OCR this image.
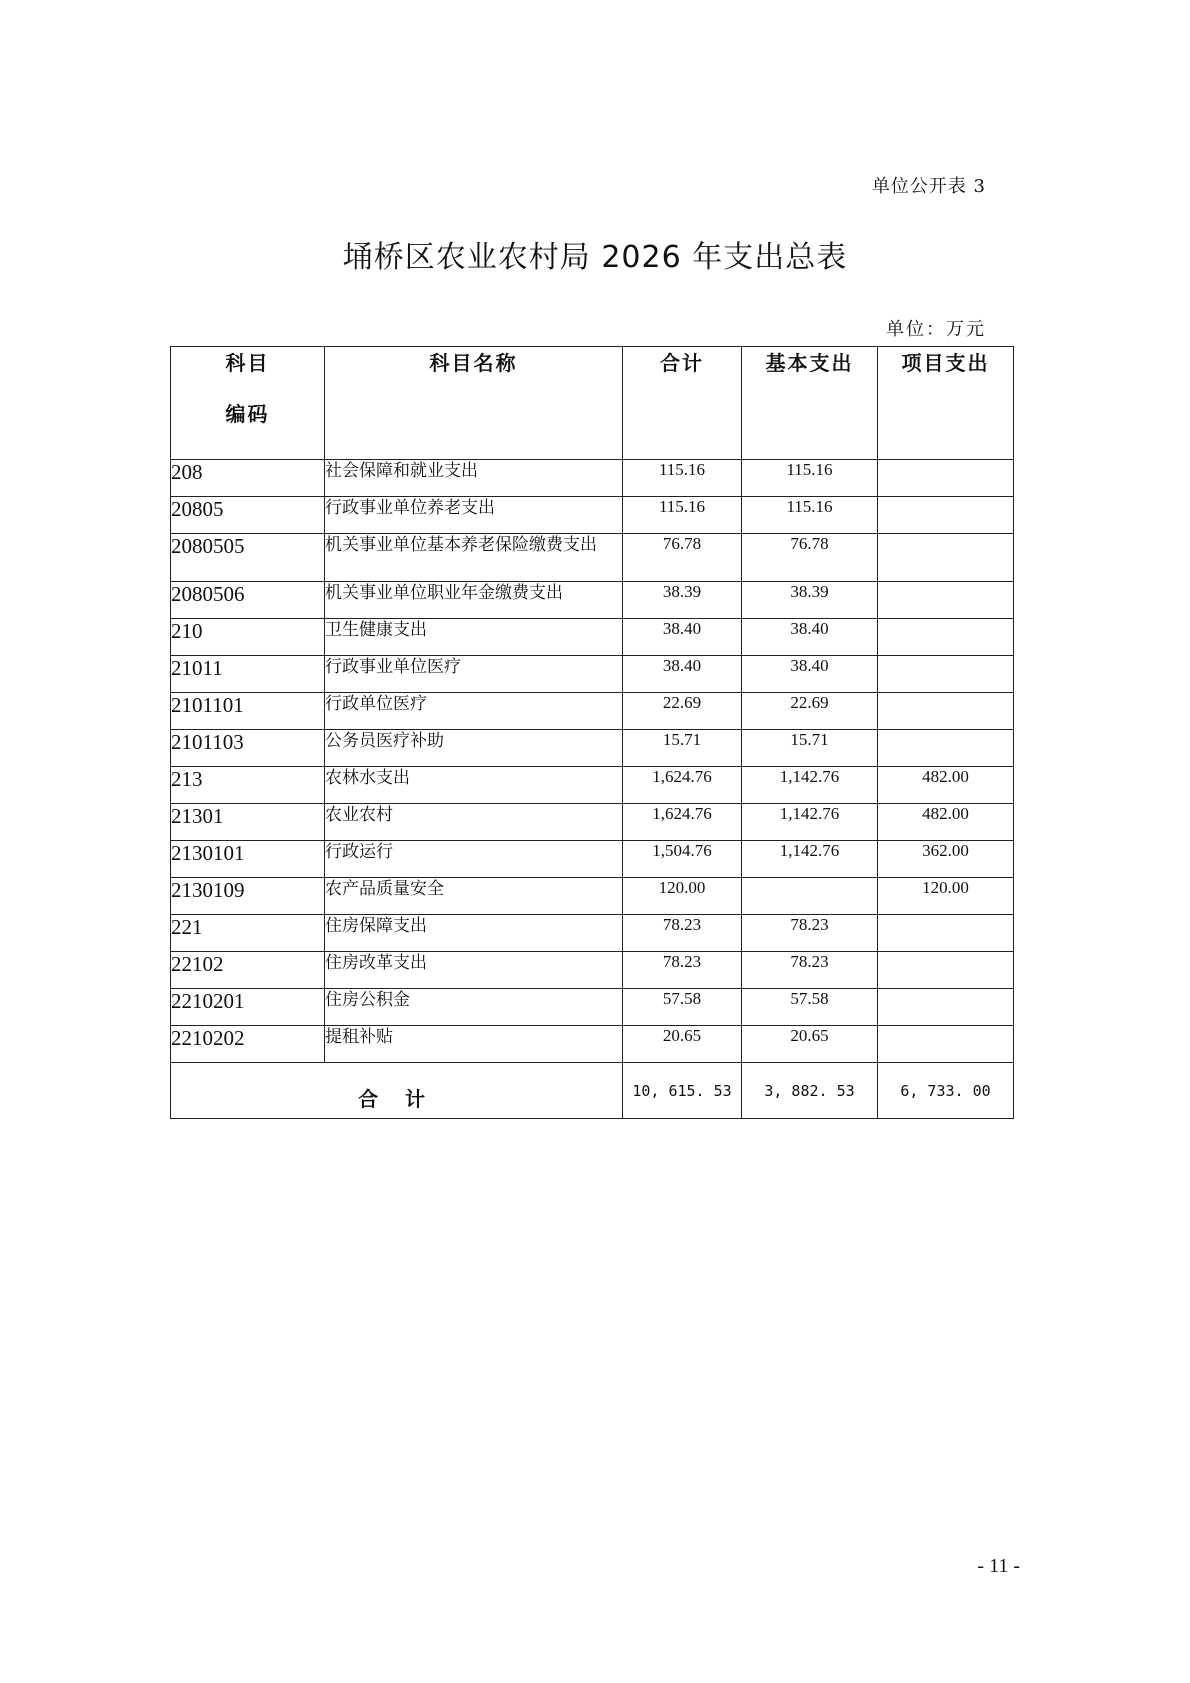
单位公开表 3
埇桥区农业农村局 2026 年支出总表
单位：万元
科目
编码	科目名称	合计	基本支出	项目支出
208	社会保障和就业支出	115.16	115.16	
20805	行政事业单位养老支出	115.16	115.16	
2080505	机关事业单位基本养老保险缴费支出	76.78	76.78	
2080506	机关事业单位职业年金缴费支出	38.39	38.39	
210	卫生健康支出	38.40	38.40	
21011	行政事业单位医疗	38.40	38.40	
2101101	行政单位医疗	22.69	22.69	
2101103	公务员医疗补助	15.71	15.71	
213	农林水支出	1,624.76	1,142.76	482.00
21301	农业农村	1,624.76	1,142.76	482.00
2130101	行政运行	1,504.76	1,142.76	362.00
2130109	农产品质量安全	120.00		120.00
221	住房保障支出	78.23	78.23	
22102	住房改革支出	78.23	78.23	
2210201	住房公积金	57.58	57.58	
2210202	提租补贴	20.65	20.65	
合 计		10, 615. 53	3, 882. 53	6, 733. 00
- 11 -
